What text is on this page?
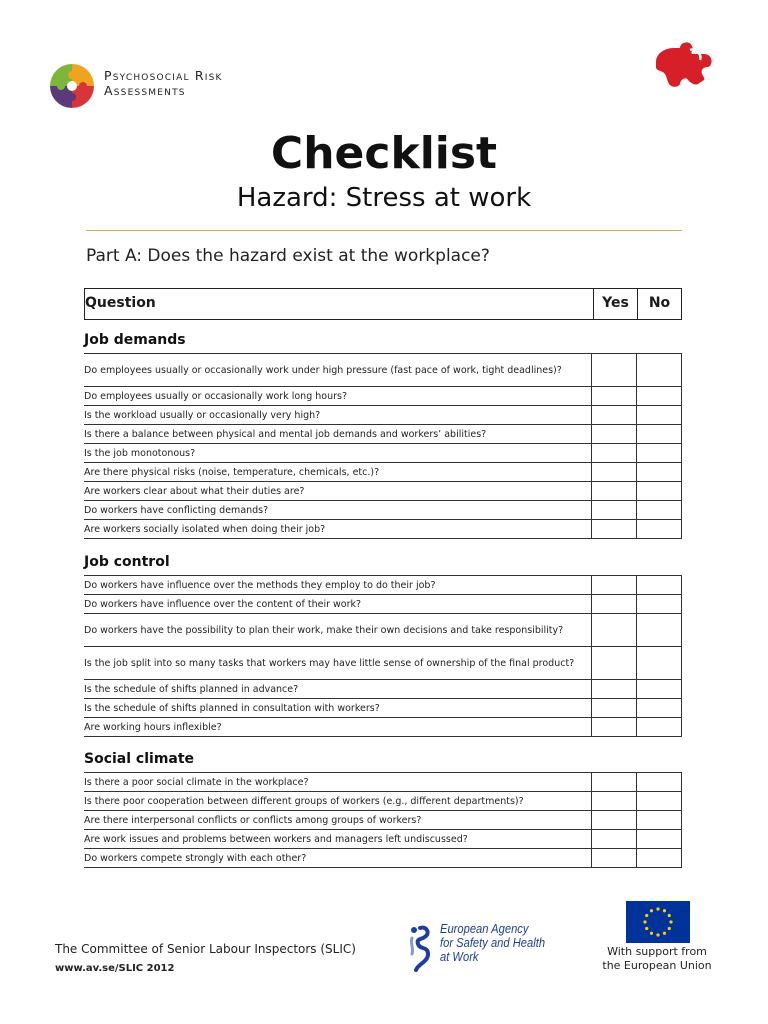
Psychosocial Risk
Assessments
Checklist
Hazard: Stress at work
Part A: Does the hazard exist at the workplace?
Question	Yes	No
Job demands
Do employees usually or occasionally work under high pressure (fast pace of work, tight deadlines)?		
Do employees usually or occasionally work long hours?		
Is the workload usually or occasionally very high?		
Is there a balance between physical and mental job demands and workers’ abilities?		
Is the job monotonous?		
Are there physical risks (noise, temperature, chemicals, etc.)?		
Are workers clear about what their duties are?		
Do workers have conflicting demands?		
Are workers socially isolated when doing their job?		
Job control
Do workers have influence over the methods they employ to do their job?		
Do workers have influence over the content of their work?		
Do workers have the possibility to plan their work, make their own decisions and take responsibility?		
Is the job split into so many tasks that workers may have little sense of ownership of the final product?		
Is the schedule of shifts planned in advance?		
Is the schedule of shifts planned in consultation with workers?		
Are working hours inflexible?		
Social climate
Is there a poor social climate in the workplace?		
Is there poor cooperation between different groups of workers (e.g., different departments)?		
Are there interpersonal conflicts or conflicts among groups of workers?		
Are work issues and problems between workers and managers left undiscussed?		
Do workers compete strongly with each other?		
The Committee of Senior Labour Inspectors (SLIC)
www.av.se/SLIC 2012
European Agency
for Safety and Health
at Work	With support from
the European Union
